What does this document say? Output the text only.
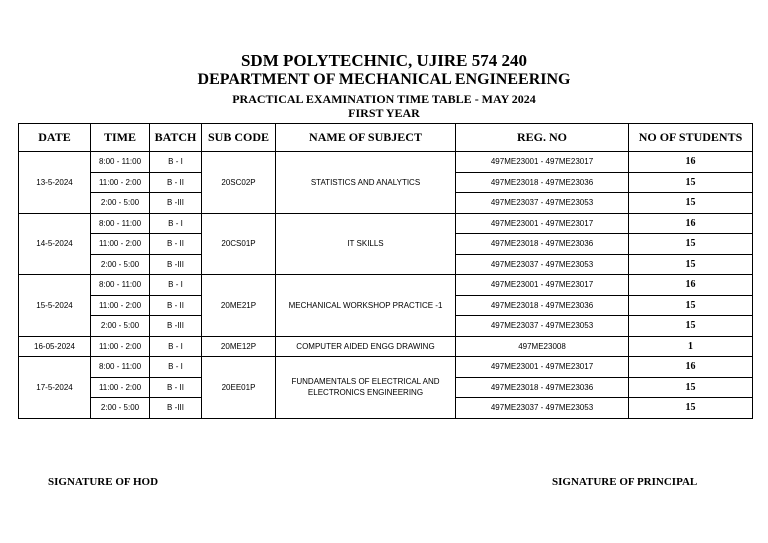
SDM POLYTECHNIC, UJIRE 574 240
DEPARTMENT OF MECHANICAL ENGINEERING
PRACTICAL EXAMINATION TIME TABLE - MAY 2024
FIRST YEAR
DATE	TIME	BATCH	SUB CODE	NAME OF SUBJECT	REG. NO	NO OF STUDENTS
13-5-2024	8:00 - 11:00	B - I	20SC02P	STATISTICS AND ANALYTICS	497ME23001 - 497ME23017	16
	11:00 - 2:00	B - II			497ME23018 - 497ME23036	15
	2:00 - 5:00	B -III			497ME23037 - 497ME23053	15
14-5-2024	8:00 - 11:00	B - I	20CS01P	IT SKILLS	497ME23001 - 497ME23017	16
	11:00 - 2:00	B - II			497ME23018 - 497ME23036	15
	2:00 - 5:00	B -III			497ME23037 - 497ME23053	15
15-5-2024	8:00 - 11:00	B - I	20ME21P	MECHANICAL WORKSHOP PRACTICE -1	497ME23001 - 497ME23017	16
	11:00 - 2:00	B - II			497ME23018 - 497ME23036	15
	2:00 - 5:00	B -III			497ME23037 - 497ME23053	15
16-05-2024	11:00 - 2:00	B - I	20ME12P	COMPUTER AIDED ENGG DRAWING	497ME23008	1
17-5-2024	8:00 - 11:00	B - I	20EE01P	FUNDAMENTALS OF ELECTRICAL AND ELECTRONICS ENGINEERING	497ME23001 - 497ME23017	16
	11:00 - 2:00	B - II			497ME23018 - 497ME23036	15
	2:00 - 5:00	B -III			497ME23037 - 497ME23053	15
SIGNATURE OF HOD	SIGNATURE OF PRINCIPAL
